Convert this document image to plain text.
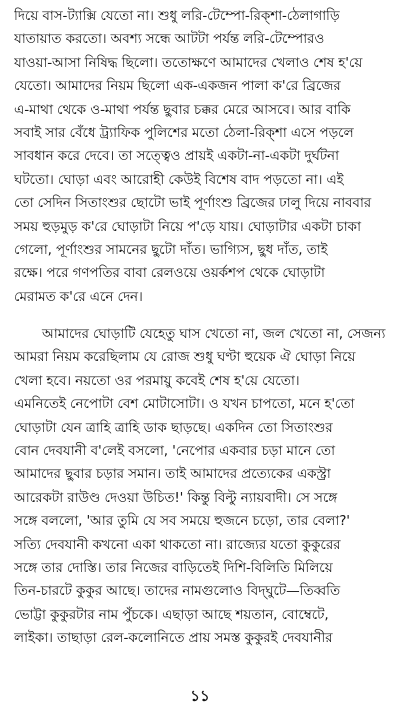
দিয়ে বাস-ট্যাক্সি যেতো না। শুধু লরি-টেম্পো-রিক্‌শা-ঠেলাগাড়ি

যাতায়াত করতো। অবশ্য সন্ধে আটটা পর্যন্ত লরি-টেম্পোরও

যাওয়া-আসা নিষিদ্ধ ছিলো। ততোক্ষণে আমাদের খেলাও শেষ হ'য়ে

যেতো। আমাদের নিয়ম ছিলো এক-একজন পালা ক'রে ব্রিজের

এ-মাথা থেকে ও-মাথা পর্যন্ত ছুবার চক্কর মেরে আসবে। আর বাকি

সবাই সার বেঁধে ট্র্যাফিক পুলিশের মতো ঠেলা-রিক্‌শা এসে পড়লে

সাবধান করে দেবে। তা সত্ত্বেও প্রায়ই একটা-না-একটা দুর্ঘটনা

ঘটতো। ঘোড়া এবং আরোহী কেউই বিশেষ বাদ পড়তো না। এই

তো সেদিন সিতাংশুর ছোটো ভাই পূর্ণাংশু ব্রিজের ঢালু দিয়ে নাববার

সময় হুড়মুড় ক'রে ঘোড়াটা নিয়ে প'ড়ে যায়। ঘোড়াটার একটা চাকা

গেলো, পূর্ণাংশুর সামনের ছুটো দাঁত। ভাগ্যিস, ছুধ দাঁত, তাই

রক্ষে। পরে গণপতির বাবা রেলওয়ে ওয়র্কশপ থেকে ঘোড়াটা

মেরামত ক'রে এনে দেন।

আমাদের ঘোড়াটি যেহেতু ঘাস খেতো না, জল খেতো না, সেজন্য

আমরা নিয়ম করেছিলাম যে রোজ শুধু ঘণ্টা হুয়েক ঐ ঘোড়া নিয়ে

খেলা হবে। নয়তো ওর পরমায়ু কবেই শেষ হ'য়ে যেতো।

এমনিতেই নেপোটা বেশ মোটাসোটা। ও যখন চাপতো, মনে হ'তো

ঘোড়াটা যেন ত্রাহি ত্রাহি ডাক ছাড়ছে। একদিন তো সিতাংশুর

বোন দেবযানী ব'লেই বসলো, 'নেপোর একবার চড়া মানে তো

আমাদের ছুবার চড়ার সমান। তাই আমাদের প্রত্যেকের একস্ট্রা

আরেকটা রাউণ্ড দেওয়া উচিত!' কিন্তু বিল্টু ন্যায়বাদী। সে সঙ্গে

সঙ্গে বললো, 'আর তুমি যে সব সময়ে হুজনে চড়ো, তার বেলা?'

সত্যি দেবযানী কখনো একা থাকতো না। রাজ্যের যতো কুকুরের

সঙ্গে তার দোস্তি। তার নিজের বাড়িতেই দিশি-বিলিতি মিলিয়ে

তিন-চারটে কুকুর আছে। তাদের নামগুলোও বিদ্‌ঘুটে—তিব্বতি

ভোট্টা কুকুরটার নাম পুঁচকে। এছাড়া আছে শয়তান, বোম্বেটে,

লাইকা। তাছাড়া রেল-কলোনিতে প্রায় সমস্ত কুকুরই দেবযানীর

১১
